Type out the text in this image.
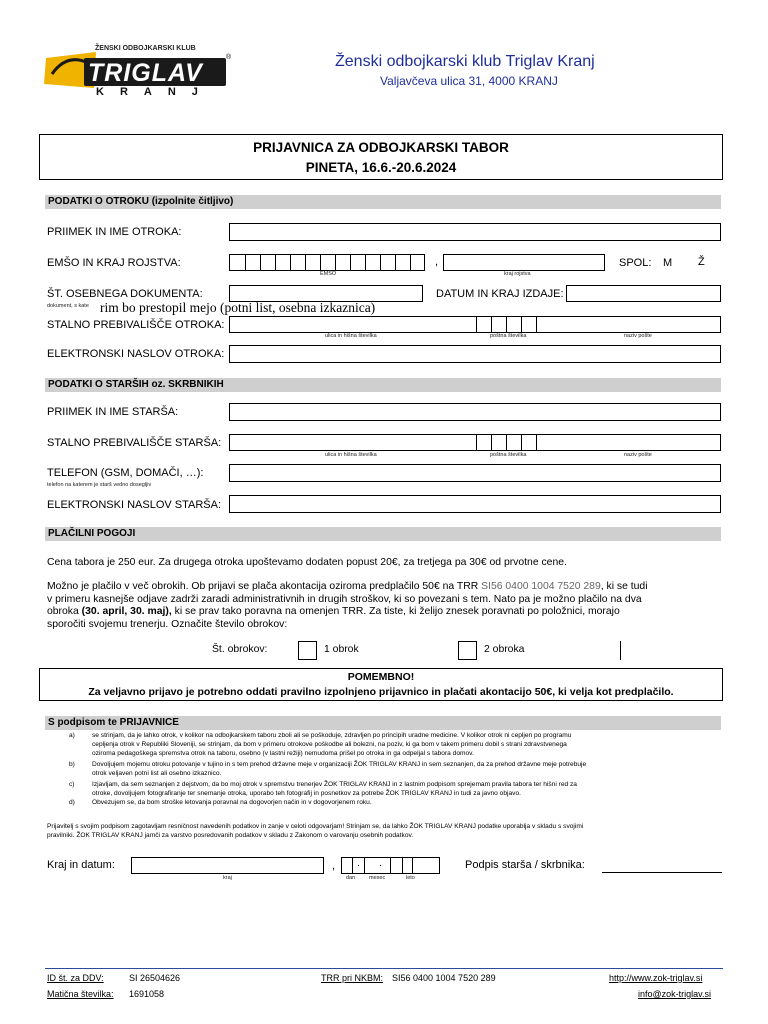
ŽENSKI ODBOJKARSKI KLUB
TRIGLAV
®
KRANJ
Ženski odbojkarski klub Triglav Kranj
Valjavčeva ulica 31, 4000 KRANJ
PRIJAVNICA ZA ODBOJKARSKI TABOR
PINETA, 16.6.-20.6.2024
PODATKI O OTROKU (izpolnite čitljivo)
PRIIMEK IN IME OTROKA:
EMŠO IN KRAJ ROJSTVA:	,
EMŠO	kraj rojstva
SPOL: M Ž
ŠT. OSEBNEGA DOKUMENTA:	DATUM IN KRAJ IZDAJE:
dokument, s kate rim bo prestopil mejo (potni list, osebna izkaznica)
STALNO PREBIVALIŠČE OTROKA:
ulica in hišna številka	poštna številka	naziv pošte
ELEKTRONSKI NASLOV OTROKA:
PODATKI O STARŠIH oz. SKRBNIKIH
PRIIMEK IN IME STARŠA:
STALNO PREBIVALIŠČE STARŠA:
ulica in hišna številka	poštna številka	naziv pošte
TELEFON (GSM, DOMAČI, …):
telefon na katerem je starš vedno dosegljiv
ELEKTRONSKI NASLOV STARŠA:
PLAČILNI POGOJI
Cena tabora je 250 eur. Za drugega otroka upoštevamo dodaten popust 20€, za tretjega pa 30€ od prvotne cene.
Možno je plačilo v več obrokih. Ob prijavi se plača akontacija oziroma predplačilo 50€ na TRR SI56 0400 1004 7520 289, ki se tudi
v primeru kasnejše odjave zadrži zaradi administrativnih in drugih stroškov, ki so povezani s tem. Nato pa je možno plačilo na dva
obroka (30. april, 30. maj), ki se prav tako poravna na omenjen TRR. Za tiste, ki želijo znesek poravnati po položnici, morajo
sporočiti svojemu trenerju. Označite število obrokov:
Št. obrokov:	1 obrok	2 obroka
POMEMBNO!
Za veljavno prijavo je potrebno oddati pravilno izpolnjeno prijavnico in plačati akontacijo 50€, ki velja kot predplačilo.
S podpisom te PRIJAVNICE
a)	se strinjam, da je lahko otrok, v kolikor na odbojkarskem taboru zboli ali se poškoduje, zdravljen po principih uradne medicine. V kolikor otrok ni cepljen po programu
cepljenja otrok v Republiki Sloveniji, se strinjam, da bom v primeru otrokove poškodbe ali bolezni, na poziv, ki ga bom v takem primeru dobil s strani zdravstvenega
oziroma pedagoškega spremstva otrok na taboru, osebno (v lastni režiji) nemudoma prišel po otroka in ga odpeljal s tabora domov.
b)	Dovoljujem mojemu otroku potovanje v tujino in s tem prehod državne meje v organizaciji ŽOK TRIGLAV KRANJ in sem seznanjen, da za prehod državne meje potrebuje
otrok veljaven potni list ali osebno izkaznico.
c)	Izjavljam, da sem seznanjen z dejstvom, da bo moj otrok v spremstvu trenerjev ŽOK TRIGLAV KRANJ in z lastnim podpisom sprejemam pravila tabora ter hišni red za
otroke, dovoljujem fotografiranje ter snemanje otroka, uporabo teh fotografij in posnetkov za potrebe ŽOK TRIGLAV KRANJ in tudi za javno objavo.
d)	Obvezujem se, da bom stroške letovanja poravnal na dogovorjen način in v dogovorjenem roku.
Prijavitelj s svojim podpisom zagotavljam resničnost navedenih podatkov in zanje v celoti odgovarjam! Strinjam se, da lahko ŽOK TRIGLAV KRANJ podatke uporablja v skladu s svojimi
pravilniki. ŽOK TRIGLAV KRANJ jamči za varstvo posredovanih podatkov v skladu z Zakonom o varovanju osebnih podatkov.
Kraj in datum:	, . .
kraj	dan	mesec	leto
Podpis starša / skrbnika:
ID št. za DDV:	SI 26504626
Matična številka: 1691058
TRR pri NKBM: SI56 0400 1004 7520 289	http://www.zok-triglav.si
info@zok-triglav.si
